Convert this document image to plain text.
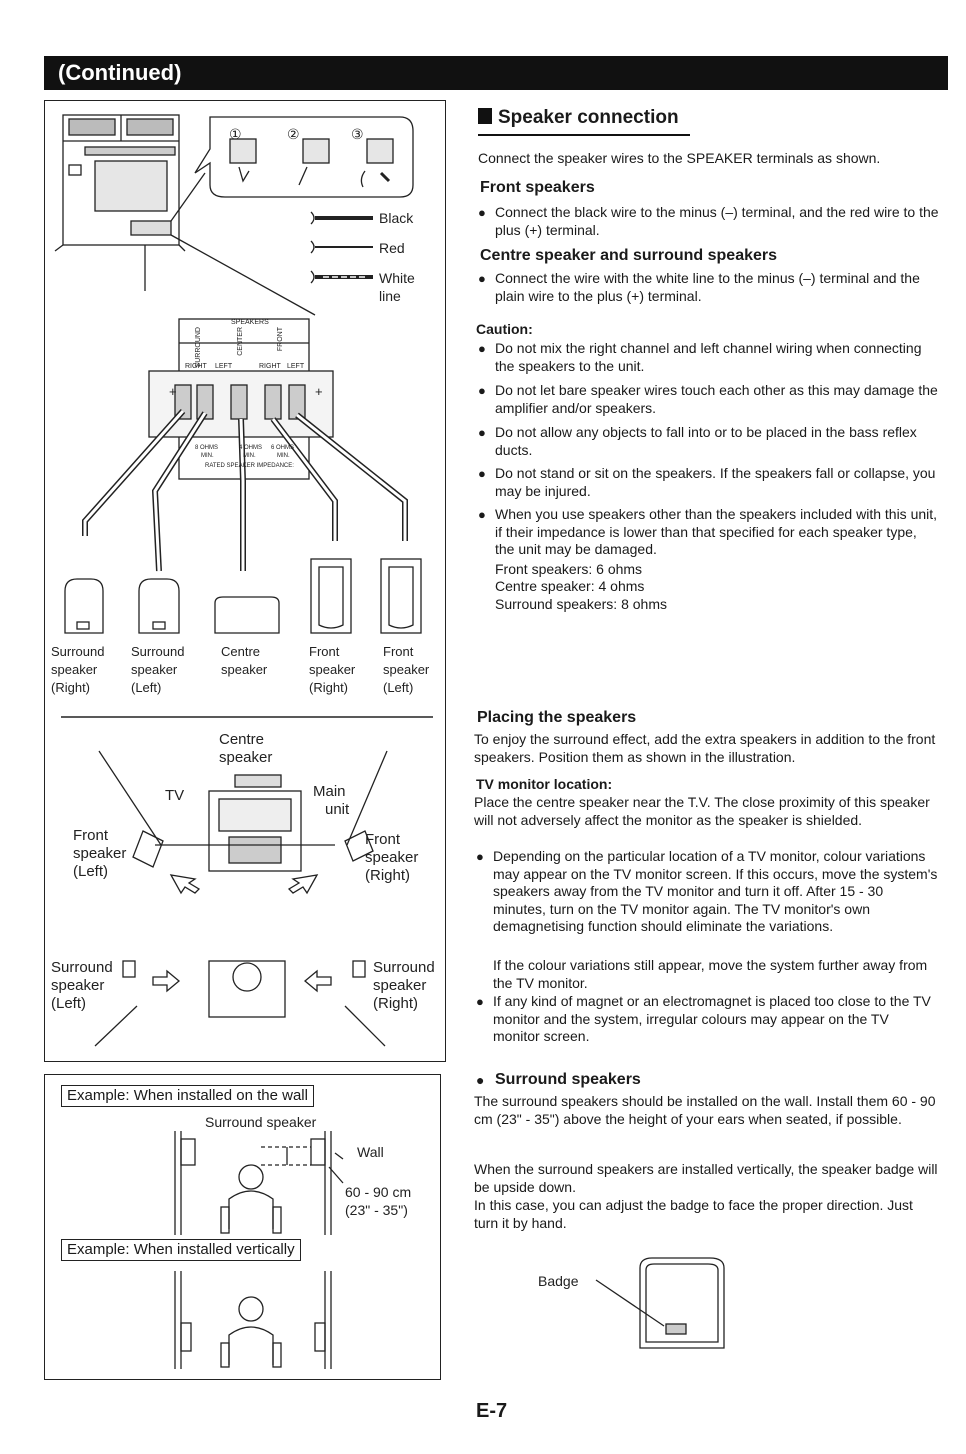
(Continued)
①	②	③
Black
Red
White
line
SPEAKERS
SURROUND	CENTER	FRONT
RIGHT LEFT	RIGHT LEFT
+	+
8 OHMS	4 OHMS 6 OHMS
MIN.	MIN.	MIN.
RATED SPEAKER IMPEDANCE:
Surround
speaker
(Right)
Surround
speaker
(Left)
Centre
speaker
Front
speaker
(Right)
Front
speaker
(Left)
Centre
speaker
TV	Main
unit
Front
speaker
(Left)
Front
speaker
(Right)
Surround
speaker
(Left)
Surround
speaker
(Right)
Example: When installed on the wall
Surround speaker
Wall
60 - 90 cm
(23" - 35")
Example: When installed vertically
Speaker connection
Connect the speaker wires to the SPEAKER terminals as shown.
Front speakers
● Connect the black wire to the minus (–) terminal, and the red wire to the plus (+) terminal.
Centre speaker and surround speakers
● Connect the wire with the white line to the minus (–) terminal and the plain wire to the plus (+) terminal.
Caution:
● Do not mix the right channel and left channel wiring when connecting the speakers to the unit.
● Do not let bare speaker wires touch each other as this may damage the amplifier and/or speakers.
● Do not allow any objects to fall into or to be placed in the bass reflex ducts.
● Do not stand or sit on the speakers. If the speakers fall or collapse, you may be injured.
● When you use speakers other than the speakers included with this unit, if their impedance is lower than that specified for each speaker type, the unit may be damaged.
Front speakers: 6 ohms
Centre speaker: 4 ohms
Surround speakers: 8 ohms
Placing the speakers
To enjoy the surround effect, add the extra speakers in addition to the front speakers. Position them as shown in the illustration.
TV monitor location:
Place the centre speaker near the T.V. The close proximity of this speaker will not adversely affect the monitor as the speaker is shielded.
● Depending on the particular location of a TV monitor, colour variations may appear on the TV monitor screen. If this occurs, move the system's speakers away from the TV monitor and turn it off. After 15 - 30 minutes, turn on the TV monitor again. The TV monitor's own demagnetising function should eliminate the variations.
If the colour variations still appear, move the system further away from the TV monitor.
● If any kind of magnet or an electromagnet is placed too close to the TV monitor and the system, irregular colours may appear on the TV monitor screen.
● Surround speakers
The surround speakers should be installed on the wall. Install them 60 - 90 cm (23" - 35") above the height of your ears when seated, if possible.
When the surround speakers are installed vertically, the speaker badge will be upside down.
In this case, you can adjust the badge to face the proper direction. Just turn it by hand.
Badge
E-7
